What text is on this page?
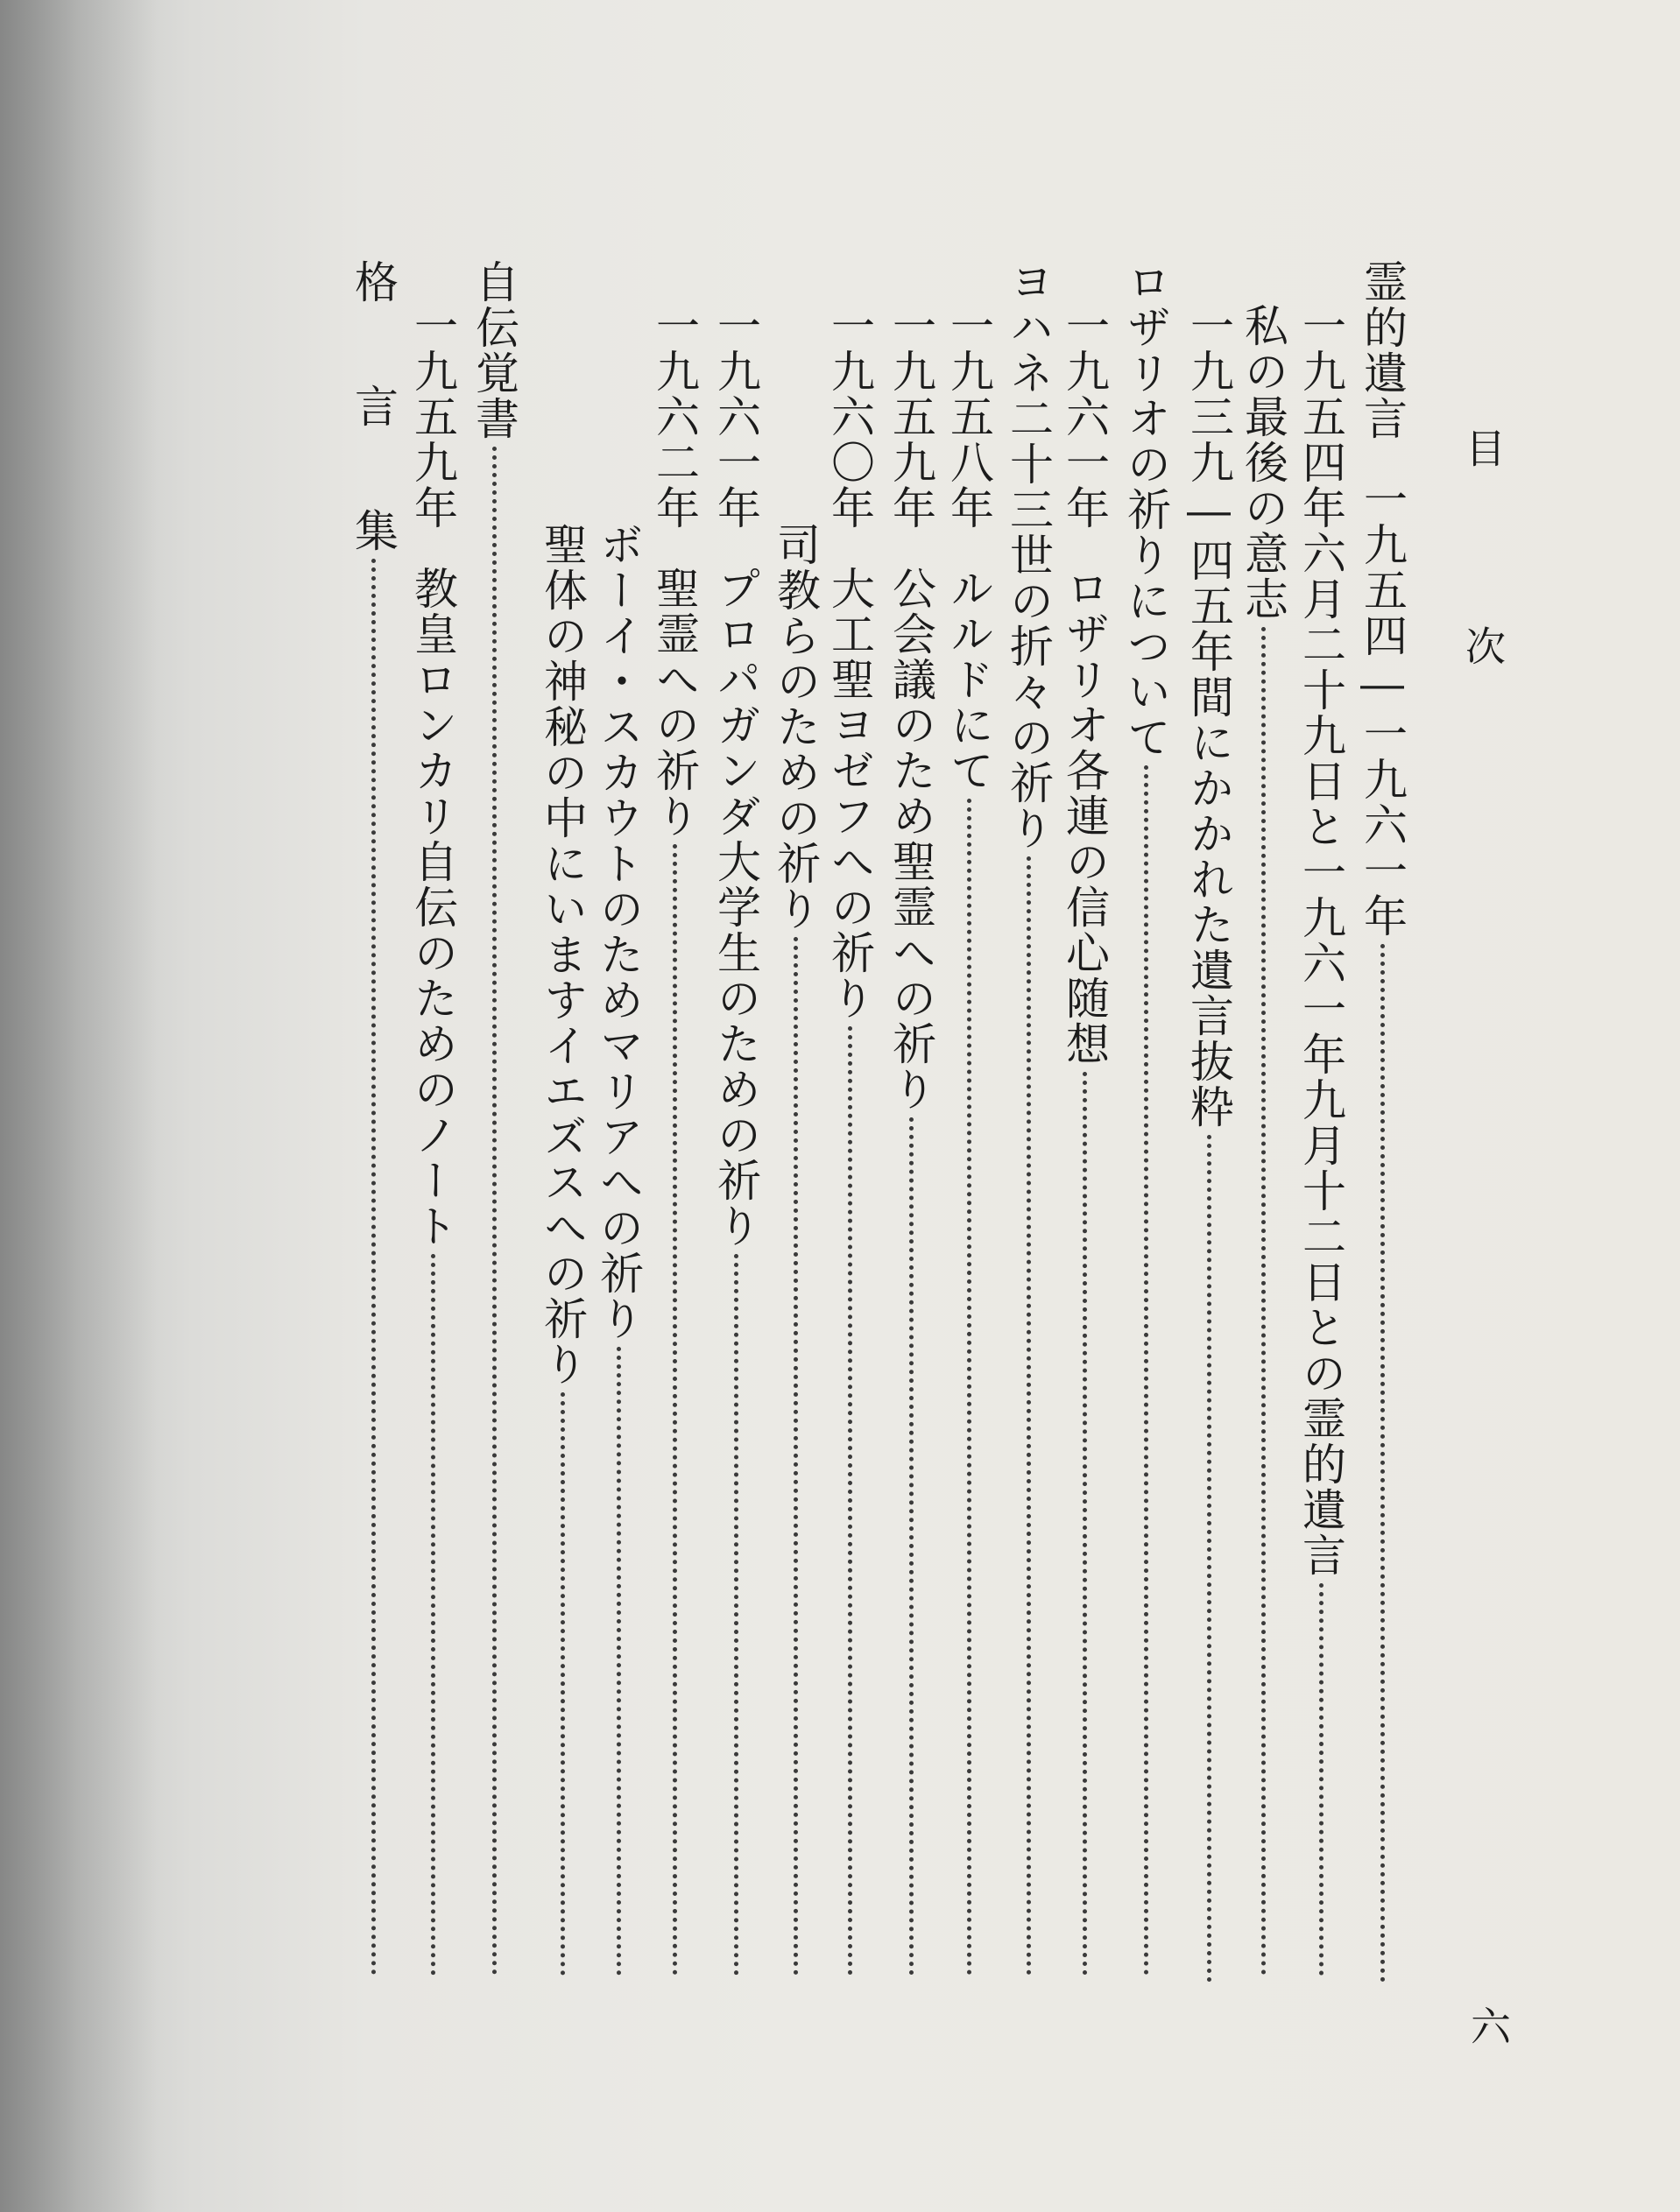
目次
霊的遺言一九五四―一九六一年
一九五四年六月二十九日と一九六一年九月十二日との霊的遺言
私の最後の意志
一九三九―四五年間にかかれた遺言抜粋
ロザリオの祈りについて
一九六一年ロザリオ各連の信心随想
ヨハネ二十三世の折々の祈り
一九五八年ルルドにて
一九五九年公会議のため聖霊への祈り
一九六〇年大工聖ヨゼフへの祈り
司教らのための祈り
一九六一年プロパガンダ大学生のための祈り
一九六二年聖霊への祈り
ボーイ・スカウトのためマリアへの祈り
聖体の神秘の中にいますイエズスへの祈り
自伝覚書
一九五九年教皇ロンカリ自伝のためのノート
格言集
六
